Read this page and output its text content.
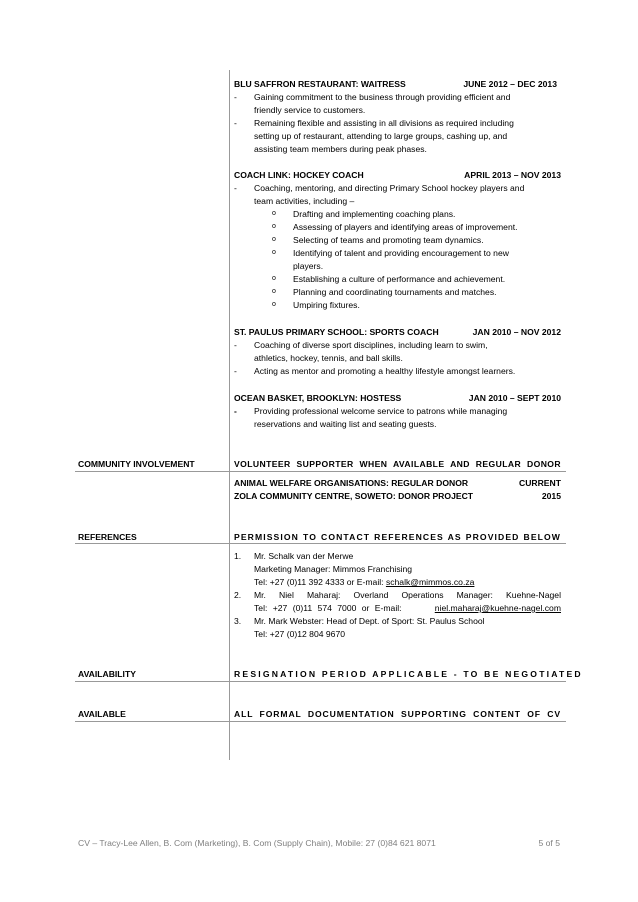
BLU SAFFRON RESTAURANT: WAITRESS	JUNE 2012 – DEC 2013
-	Gaining commitment to the business through providing efficient and
friendly service to customers.
-	Remaining flexible and assisting in all divisions as required including
setting up of restaurant, attending to large groups, cashing up, and
assisting team members during peak phases.
COACH LINK: HOCKEY COACH	APRIL 2013 – NOV 2013
-	Coaching, mentoring, and directing Primary School hockey players and
team activities, including –
o	Drafting and implementing coaching plans.
o	Assessing of players and identifying areas of improvement.
o	Selecting of teams and promoting team dynamics.
o	Identifying of talent and providing encouragement to new
players.
o	Establishing a culture of performance and achievement.
o	Planning and coordinating tournaments and matches.
o	Umpiring fixtures.
ST. PAULUS PRIMARY SCHOOL: SPORTS COACH	JAN 2010 – NOV 2012
-	Coaching of diverse sport disciplines, including learn to swim,
athletics, hockey, tennis, and ball skills.
-	Acting as mentor and promoting a healthy lifestyle amongst learners.
OCEAN BASKET, BROOKLYN: HOSTESS	JAN 2010 – SEPT 2010
-	Providing professional welcome service to patrons while managing
reservations and waiting list and seating guests.
COMMUNITY INVOLVEMENT	VOLUNTEER SUPPORTER WHEN AVAILABLE AND REGULAR DONOR
ANIMAL WELFARE ORGANISATIONS: REGULAR DONOR	CURRENT
ZOLA COMMUNITY CENTRE, SOWETO: DONOR PROJECT	2015
REFERENCES	PERMISSION TO CONTACT REFERENCES AS PROVIDED BELOW
1.	Mr. Schalk van der Merwe
Marketing Manager: Mimmos Franchising
Tel: +27 (0)11 392 4333 or E-mail: schalk@mimmos.co.za
2.	Mr. Niel Maharaj: Overland Operations Manager: Kuehne-Nagel
Tel: +27 (0)11 574 7000 or E-mail:	niel.maharaj@kuehne-nagel.com
3.	Mr. Mark Webster: Head of Dept. of Sport: St. Paulus School
Tel: +27 (0)12 804 9670
AVAILABILITY	RESIGNATION PERIOD APPLICABLE - TO BE NEGOTIATED
AVAILABLE	ALL FORMAL DOCUMENTATION SUPPORTING CONTENT OF CV
CV – Tracy-Lee Allen, B. Com (Marketing), B. Com (Supply Chain), Mobile: 27 (0)84 621 8071	5 of 5
